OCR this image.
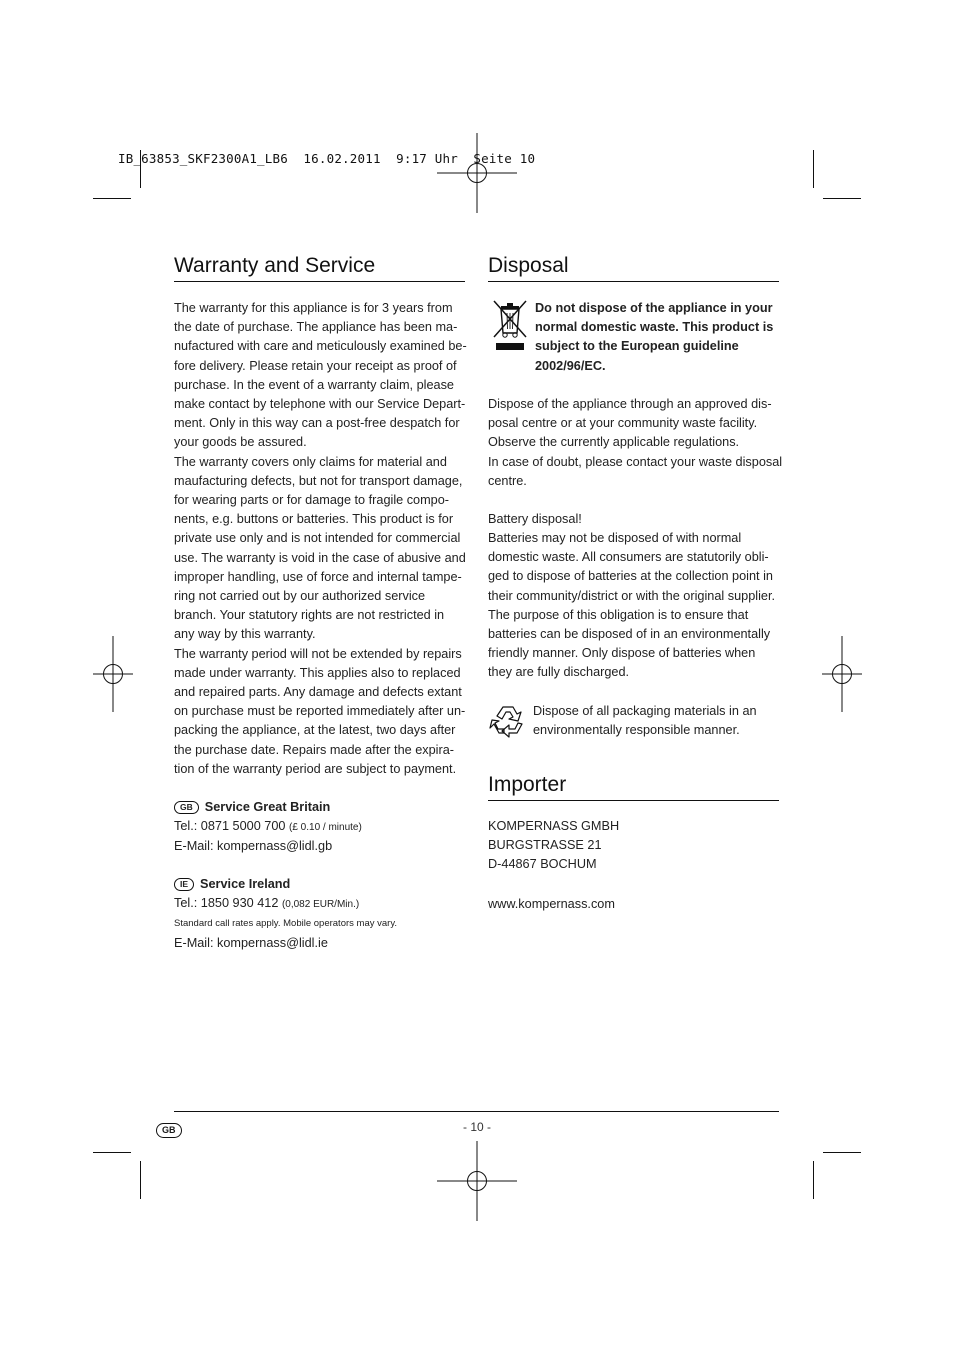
IB_63853_SKF2300A1_LB6  16.02.2011  9:17 Uhr  Seite 10
Warranty and Service

The warranty for this appliance is for 3 years from

the date of purchase. The appliance has been ma-

nufactured with care and meticulously examined be-

fore delivery. Please retain your receipt as proof of

purchase. In the event of a warranty claim, please

make contact by telephone with our Service Depart-

ment. Only in this way can a post-free despatch for

your goods be assured.

The warranty covers only claims for material and

maufacturing defects, but not for transport damage,

for wearing parts or for damage to fragile compo-

nents, e.g. buttons or batteries. This product is for

private use only and is not intended for commercial

use. The warranty is void in the case of abusive and

improper handling, use of force and internal tampe-

ring not carried out by our authorized service

branch. Your statutory rights are not restricted in

any way by this warranty.

The warranty period will not be extended by repairs

made under warranty. This applies also to replaced

and repaired parts. Any damage and defects extant

on purchase must be reported immediately after un-

packing the appliance, at the latest, two days after

the purchase date. Repairs made after the expira-

tion of the warranty period are subject to payment.

GB Service Great Britain

Tel.: 0871 5000 700 (£ 0.10 / minute)

E-Mail: kompernass@lidl.gb

IE Service Ireland

Tel.: 1850 930 412 (0,082 EUR/Min.)

Standard call rates apply. Mobile operators may vary.

E-Mail: kompernass@lidl.ie

Disposal

Do not dispose of the appliance in your

normal domestic waste. This product is

subject to the European guideline

2002/96/EC.

Dispose of the appliance through an approved dis-

posal centre or at your community waste facility.

Observe the currently applicable regulations.

In case of doubt, please contact your waste disposal

centre.

Battery disposal!

Batteries may not be disposed of with normal

domestic waste. All consumers are statutorily obli-

ged to dispose of batteries at the collection point in

their community/district or with the original supplier.

The purpose of this obligation is to ensure that

batteries can be disposed of in an environmentally

friendly manner. Only dispose of batteries when

they are fully discharged.

Dispose of all packaging materials in an

environmentally responsible manner.

Importer

KOMPERNASS GMBH

BURGSTRASSE 21

D-44867 BOCHUM

www.kompernass.com

GB	- 10 -
